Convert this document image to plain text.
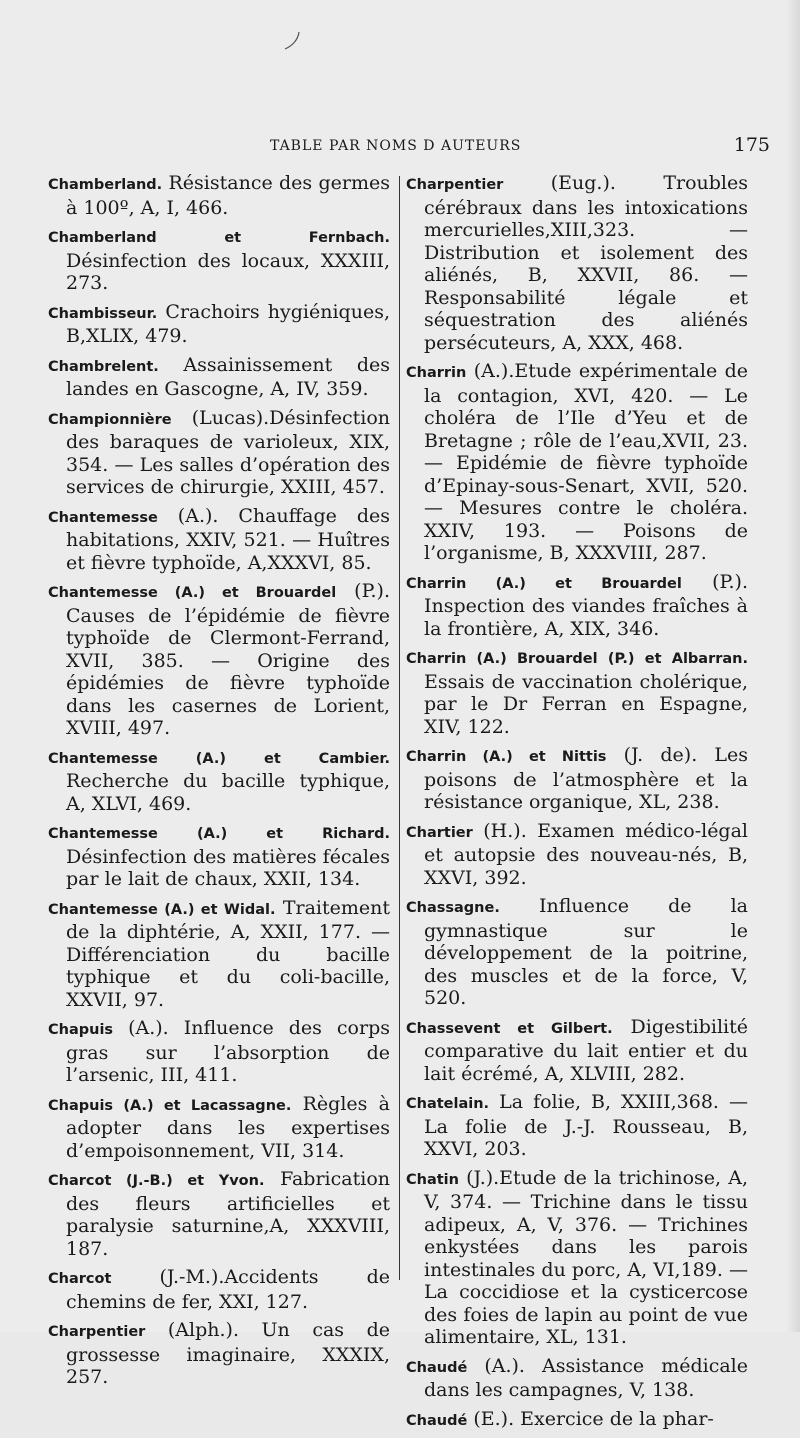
TABLE PAR NOMS D AUTEURS	175

Chamberland. Résistance des germes à 100º, A, I, 466.

Chamberland et Fernbach. Désinfection des locaux, XXXIII, 273.

Chambisseur. Crachoirs hygiéniques, B,XLIX, 479.

Chambrelent. Assainissement des landes en Gascogne, A, IV, 359.

Championnière (Lucas).Désinfection des baraques de varioleux, XIX, 354. — Les salles d’opération des services de chirurgie, XXIII, 457.

Chantemesse (A.). Chauffage des habitations, XXIV, 521. — Huîtres et fièvre typhoïde, A,XXXVI, 85.

Chantemesse (A.) et Brouardel (P.). Causes de l’épidémie de fièvre typhoïde de Clermont-Ferrand, XVII, 385. — Origine des épidémies de fièvre typhoïde dans les casernes de Lorient, XVIII, 497.

Chantemesse (A.) et Cambier. Recherche du bacille typhique, A, XLVI, 469.

Chantemesse (A.) et Richard. Désinfection des matières fécales par le lait de chaux, XXII, 134.

Chantemesse (A.) et Widal. Traitement de la diphtérie, A, XXII, 177. — Différenciation du bacille typhique et du coli-bacille, XXVII, 97.

Chapuis (A.). Influence des corps gras sur l’absorption de l’arsenic, III, 411.

Chapuis (A.) et Lacassagne. Règles à adopter dans les expertises d’empoisonnement, VII, 314.

Charcot (J.-B.) et Yvon. Fabrication des fleurs artificielles et paralysie saturnine,A, XXXVIII, 187.

Charcot (J.-M.).Accidents de chemins de fer, XXI, 127.

Charpentier (Alph.). Un cas de grossesse imaginaire, XXXIX, 257.

Charpentier (Eug.). Troubles cérébraux dans les intoxications mercurielles,XIII,323. — Distribution et isolement des aliénés, B, XXVII, 86. — Responsabilité légale et séquestration des aliénés persécuteurs, A, XXX, 468.

Charrin (A.).Etude expérimentale de la contagion, XVI, 420. — Le choléra de l’Ile d’Yeu et de Bretagne ; rôle de l’eau,XVII, 23. — Epidémie de fièvre typhoïde d’Epinay-sous-Senart, XVII, 520. — Mesures contre le choléra. XXIV, 193. — Poisons de l’organisme, B, XXXVIII, 287.

Charrin (A.) et Brouardel (P.). Inspection des viandes fraîches à la frontière, A, XIX, 346.

Charrin (A.) Brouardel (P.) et Albarran. Essais de vaccination cholérique, par le Dr Ferran en Espagne, XIV, 122.

Charrin (A.) et Nittis (J. de). Les poisons de l’atmosphère et la résistance organique, XL, 238.

Chartier (H.). Examen médico-légal et autopsie des nouveau-nés, B, XXVI, 392.

Chassagne. Influence de la gymnastique sur le développement de la poitrine, des muscles et de la force, V, 520.

Chassevent et Gilbert. Digestibilité comparative du lait entier et du lait écrémé, A, XLVIII, 282.

Chatelain. La folie, B, XXIII,368. — La folie de J.-J. Rousseau, B, XXVI, 203.

Chatin (J.).Etude de la trichinose, A, V, 374. — Trichine dans le tissu adipeux, A, V, 376. — Trichines enkystées dans les parois intestinales du porc, A, VI,189. — La coccidiose et la cysticercose des foies de lapin au point de vue alimentaire, XL, 131.

Chaudé (A.). Assistance médicale dans les campagnes, V, 138.

Chaudé (E.). Exercice de la phar-
